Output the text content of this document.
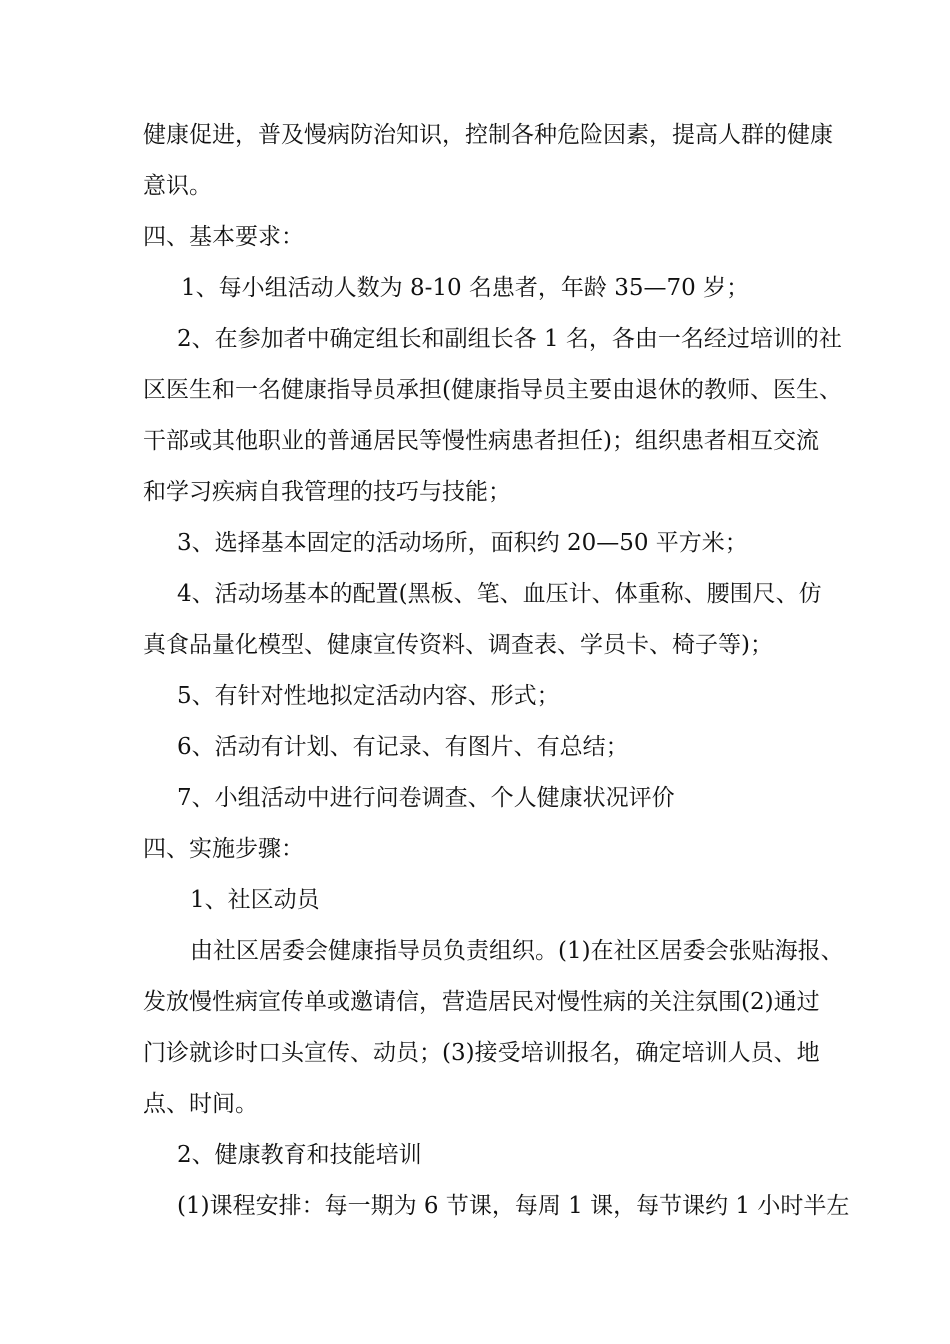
健康促进，普及慢病防治知识，控制各种危险因素，提高人群的健康
意识。
四、基本要求：
1、每小组活动人数为 8-10 名患者，年龄 35—70 岁；
2、在参加者中确定组长和副组长各 1 名，各由一名经过培训的社
区医生和一名健康指导员承担(健康指导员主要由退休的教师、医生、
干部或其他职业的普通居民等慢性病患者担任)；组织患者相互交流
和学习疾病自我管理的技巧与技能；
3、选择基本固定的活动场所，面积约 20—50 平方米；
4、活动场基本的配置(黑板、笔、血压计、体重称、腰围尺、仿
真食品量化模型、健康宣传资料、调查表、学员卡、椅子等)；
5、有针对性地拟定活动内容、形式；
6、活动有计划、有记录、有图片、有总结；
7、小组活动中进行问卷调查、个人健康状况评价
四、实施步骤：
1、社区动员
由社区居委会健康指导员负责组织。(1)在社区居委会张贴海报、
发放慢性病宣传单或邀请信，营造居民对慢性病的关注氛围(2)通过
门诊就诊时口头宣传、动员；(3)接受培训报名，确定培训人员、地
点、时间。
2、健康教育和技能培训
(1)课程安排：每一期为 6 节课，每周 1 课，每节课约 1 小时半左
